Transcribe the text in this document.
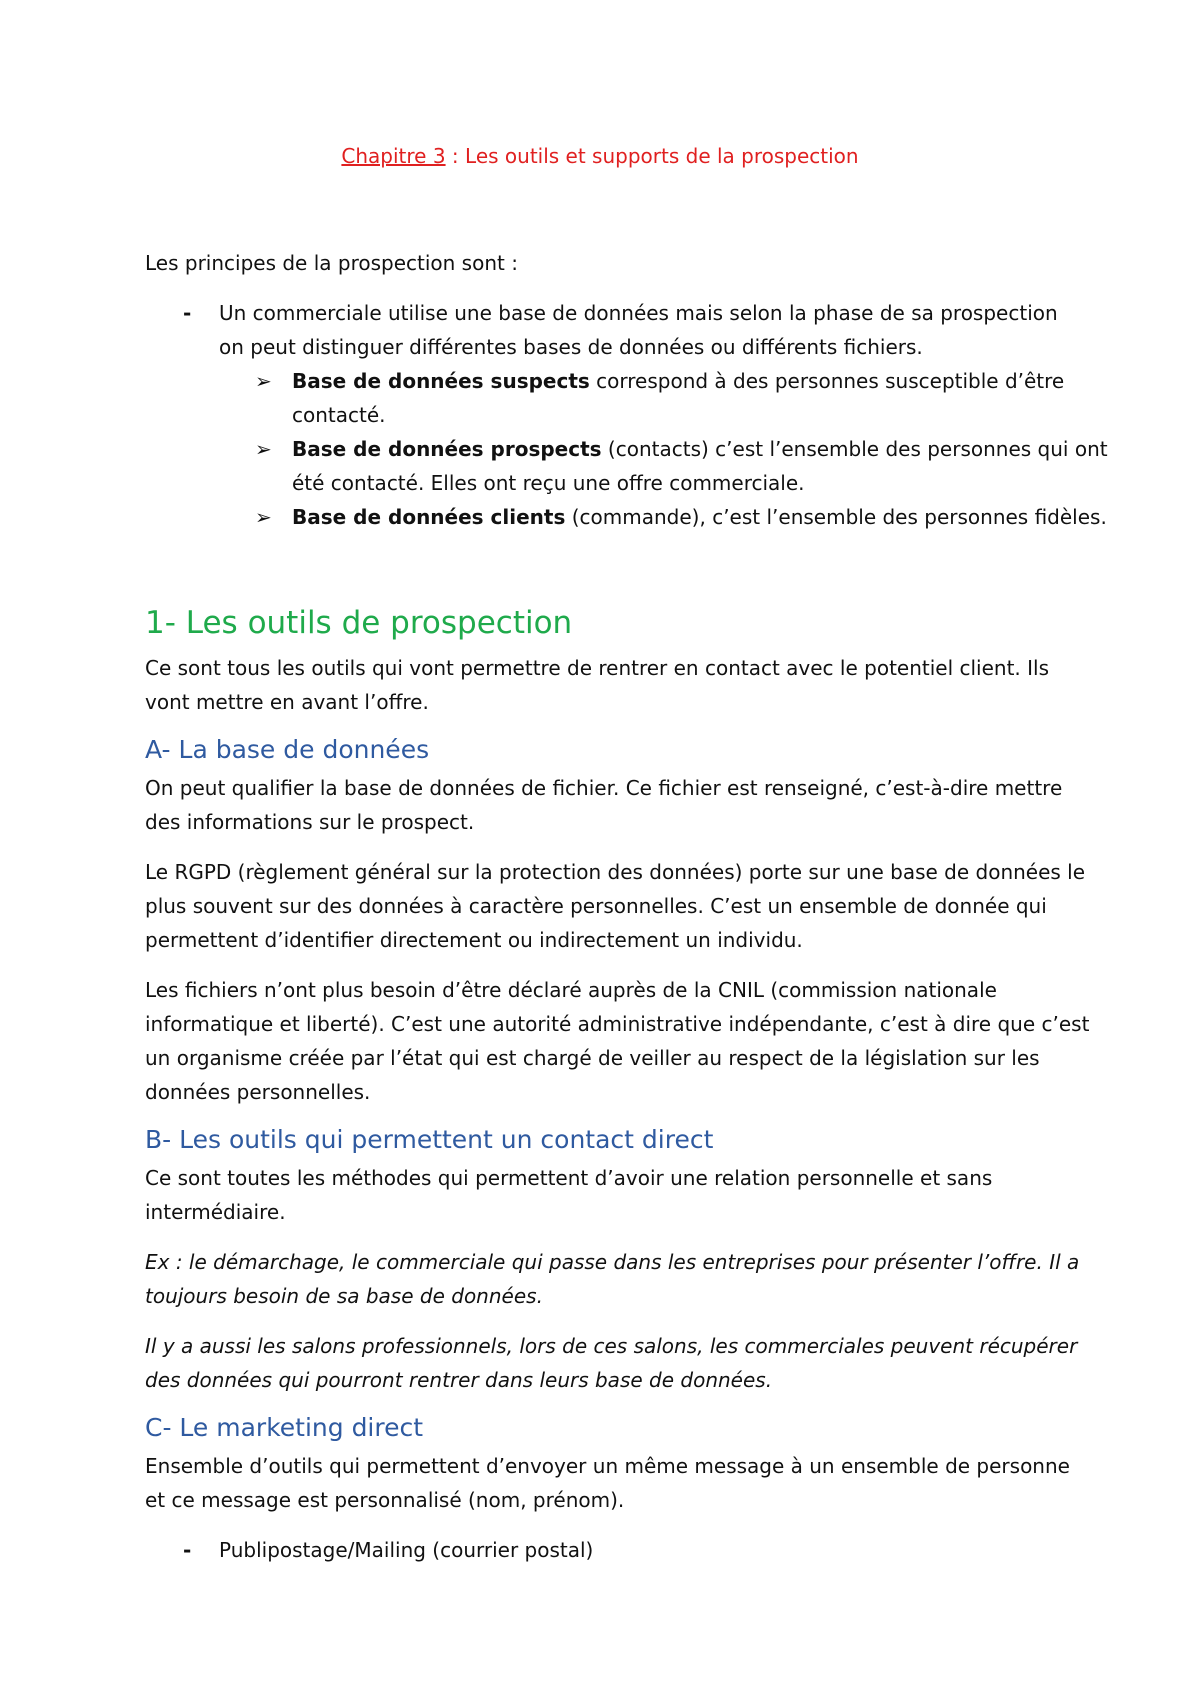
Chapitre 3 : Les outils et supports de la prospection
Les principes de la prospection sont :
- Un commerciale utilise une base de données mais selon la phase de sa prospection
on peut distinguer différentes bases de données ou différents fichiers.
➢ Base de données suspects correspond à des personnes susceptible d’être
contacté.
➢ Base de données prospects (contacts) c’est l’ensemble des personnes qui ont
été contacté. Elles ont reçu une offre commerciale.
➢ Base de données clients (commande), c’est l’ensemble des personnes fidèles.
1- Les outils de prospection
Ce sont tous les outils qui vont permettre de rentrer en contact avec le potentiel client. Ils
vont mettre en avant l’offre.
A- La base de données
On peut qualifier la base de données de fichier. Ce fichier est renseigné, c’est-à-dire mettre
des informations sur le prospect.
Le RGPD (règlement général sur la protection des données) porte sur une base de données le
plus souvent sur des données à caractère personnelles. C’est un ensemble de donnée qui
permettent d’identifier directement ou indirectement un individu.
Les fichiers n’ont plus besoin d’être déclaré auprès de la CNIL (commission nationale
informatique et liberté). C’est une autorité administrative indépendante, c’est à dire que c’est
un organisme créée par l’état qui est chargé de veiller au respect de la législation sur les
données personnelles.
B- Les outils qui permettent un contact direct
Ce sont toutes les méthodes qui permettent d’avoir une relation personnelle et sans
intermédiaire.
Ex : le démarchage, le commerciale qui passe dans les entreprises pour présenter l’offre. Il a
toujours besoin de sa base de données.
Il y a aussi les salons professionnels, lors de ces salons, les commerciales peuvent récupérer
des données qui pourront rentrer dans leurs base de données.
C- Le marketing direct
Ensemble d’outils qui permettent d’envoyer un même message à un ensemble de personne
et ce message est personnalisé (nom, prénom).
- Publipostage/Mailing (courrier postal)
